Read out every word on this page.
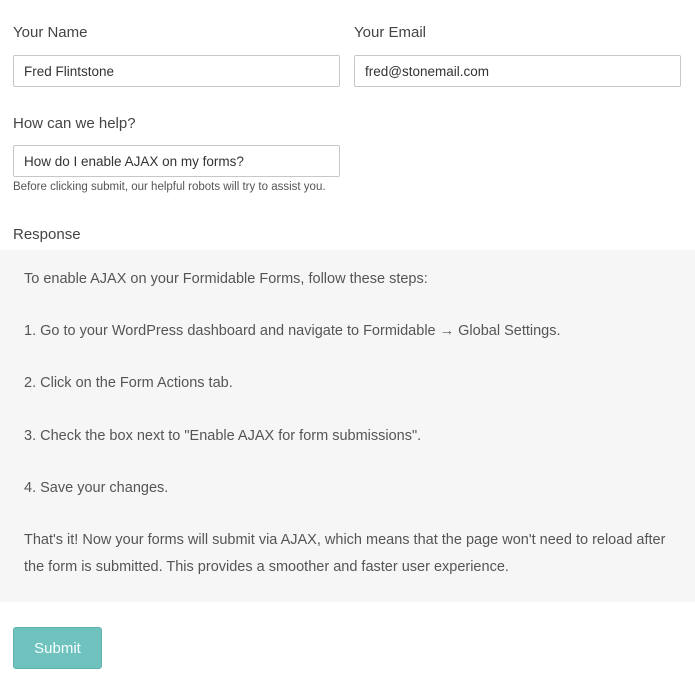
Your Name
Fred Flintstone	Your Email
fred@stonemail.com
How can we help?
How do I enable AJAX on my forms?
Before clicking submit, our helpful robots will try to assist you.
Response

To enable AJAX on your Formidable Forms, follow these steps:

1. Go to your WordPress dashboard and navigate to Formidable → Global Settings.

2. Click on the Form Actions tab.

3. Check the box next to "Enable AJAX for form submissions".

4. Save your changes.

That's it! Now your forms will submit via AJAX, which means that the page won't need to reload after the form is submitted. This provides a smoother and faster user experience.

Submit
